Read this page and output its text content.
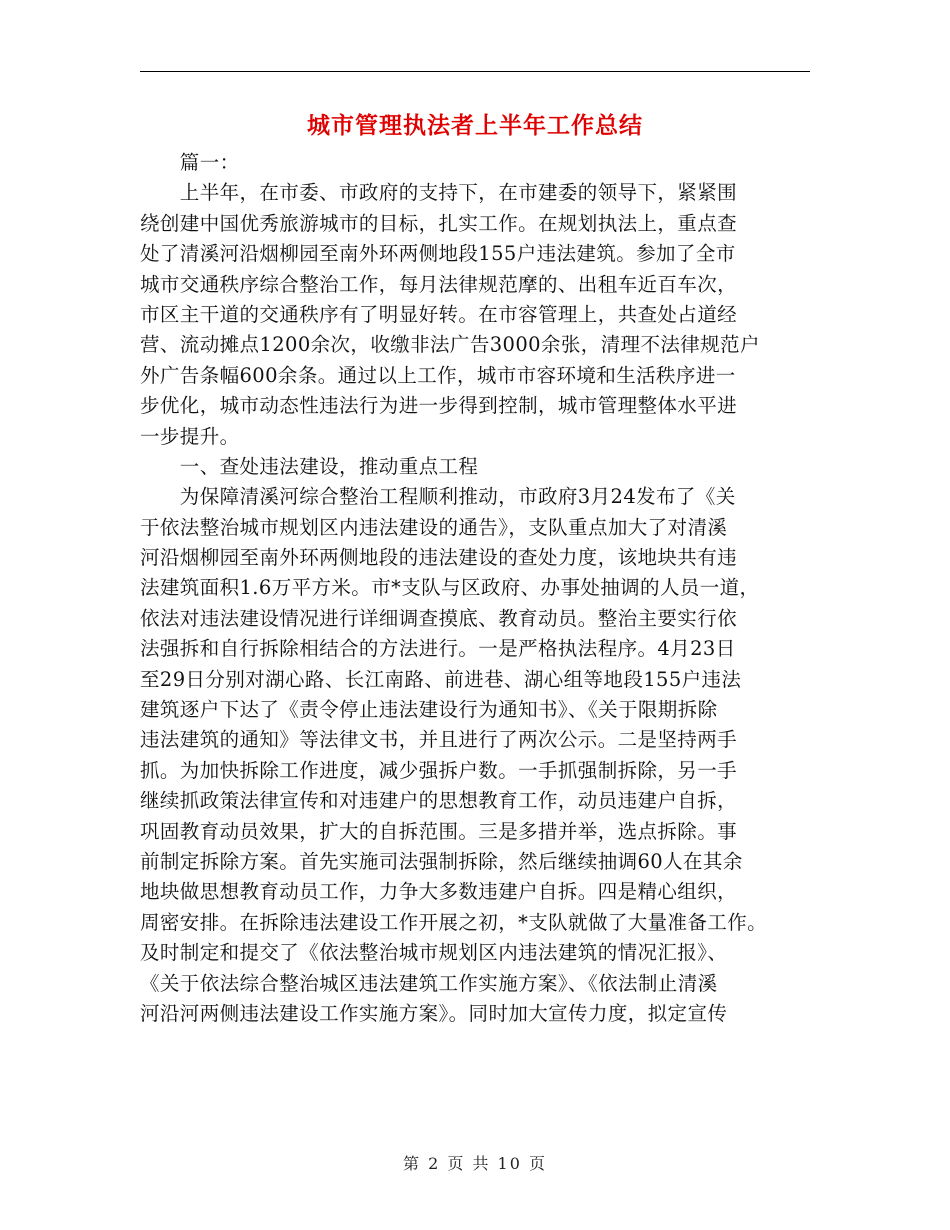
城市管理执法者上半年工作总结
　　篇一：
　　上半年，在市委、市政府的支持下，在市建委的领导下，紧紧围
绕创建中国优秀旅游城市的目标，扎实工作。在规划执法上，重点查
处了清溪河沿烟柳园至南外环两侧地段155户违法建筑。参加了全市
城市交通秩序综合整治工作，每月法律规范摩的、出租车近百车次，
市区主干道的交通秩序有了明显好转。在市容管理上，共查处占道经
营、流动摊点1200余次，收缴非法广告3000余张，清理不法律规范户
外广告条幅600余条。通过以上工作，城市市容环境和生活秩序进一
步优化，城市动态性违法行为进一步得到控制，城市管理整体水平进
一步提升。
　　一、查处违法建设，推动重点工程
　　为保障清溪河综合整治工程顺利推动，市政府3月24发布了《关
于依法整治城市规划区内违法建设的通告》，支队重点加大了对清溪
河沿烟柳园至南外环两侧地段的违法建设的查处力度，该地块共有违
法建筑面积1.6万平方米。市*支队与区政府、办事处抽调的人员一道，
依法对违法建设情况进行详细调查摸底、教育动员。整治主要实行依
法强拆和自行拆除相结合的方法进行。一是严格执法程序。4月23日
至29日分别对湖心路、长江南路、前进巷、湖心组等地段155户违法
建筑逐户下达了《责令停止违法建设行为通知书》、《关于限期拆除
违法建筑的通知》等法律文书，并且进行了两次公示。二是坚持两手
抓。为加快拆除工作进度，减少强拆户数。一手抓强制拆除，另一手
继续抓政策法律宣传和对违建户的思想教育工作，动员违建户自拆，
巩固教育动员效果，扩大的自拆范围。三是多措并举，选点拆除。事
前制定拆除方案。首先实施司法强制拆除，然后继续抽调60人在其余
地块做思想教育动员工作，力争大多数违建户自拆。四是精心组织，
周密安排。在拆除违法建设工作开展之初，*支队就做了大量准备工作。
及时制定和提交了《依法整治城市规划区内违法建筑的情况汇报》、
《关于依法综合整治城区违法建筑工作实施方案》、《依法制止清溪
河沿河两侧违法建设工作实施方案》。同时加大宣传力度，拟定宣传
第 2 页 共 10 页
